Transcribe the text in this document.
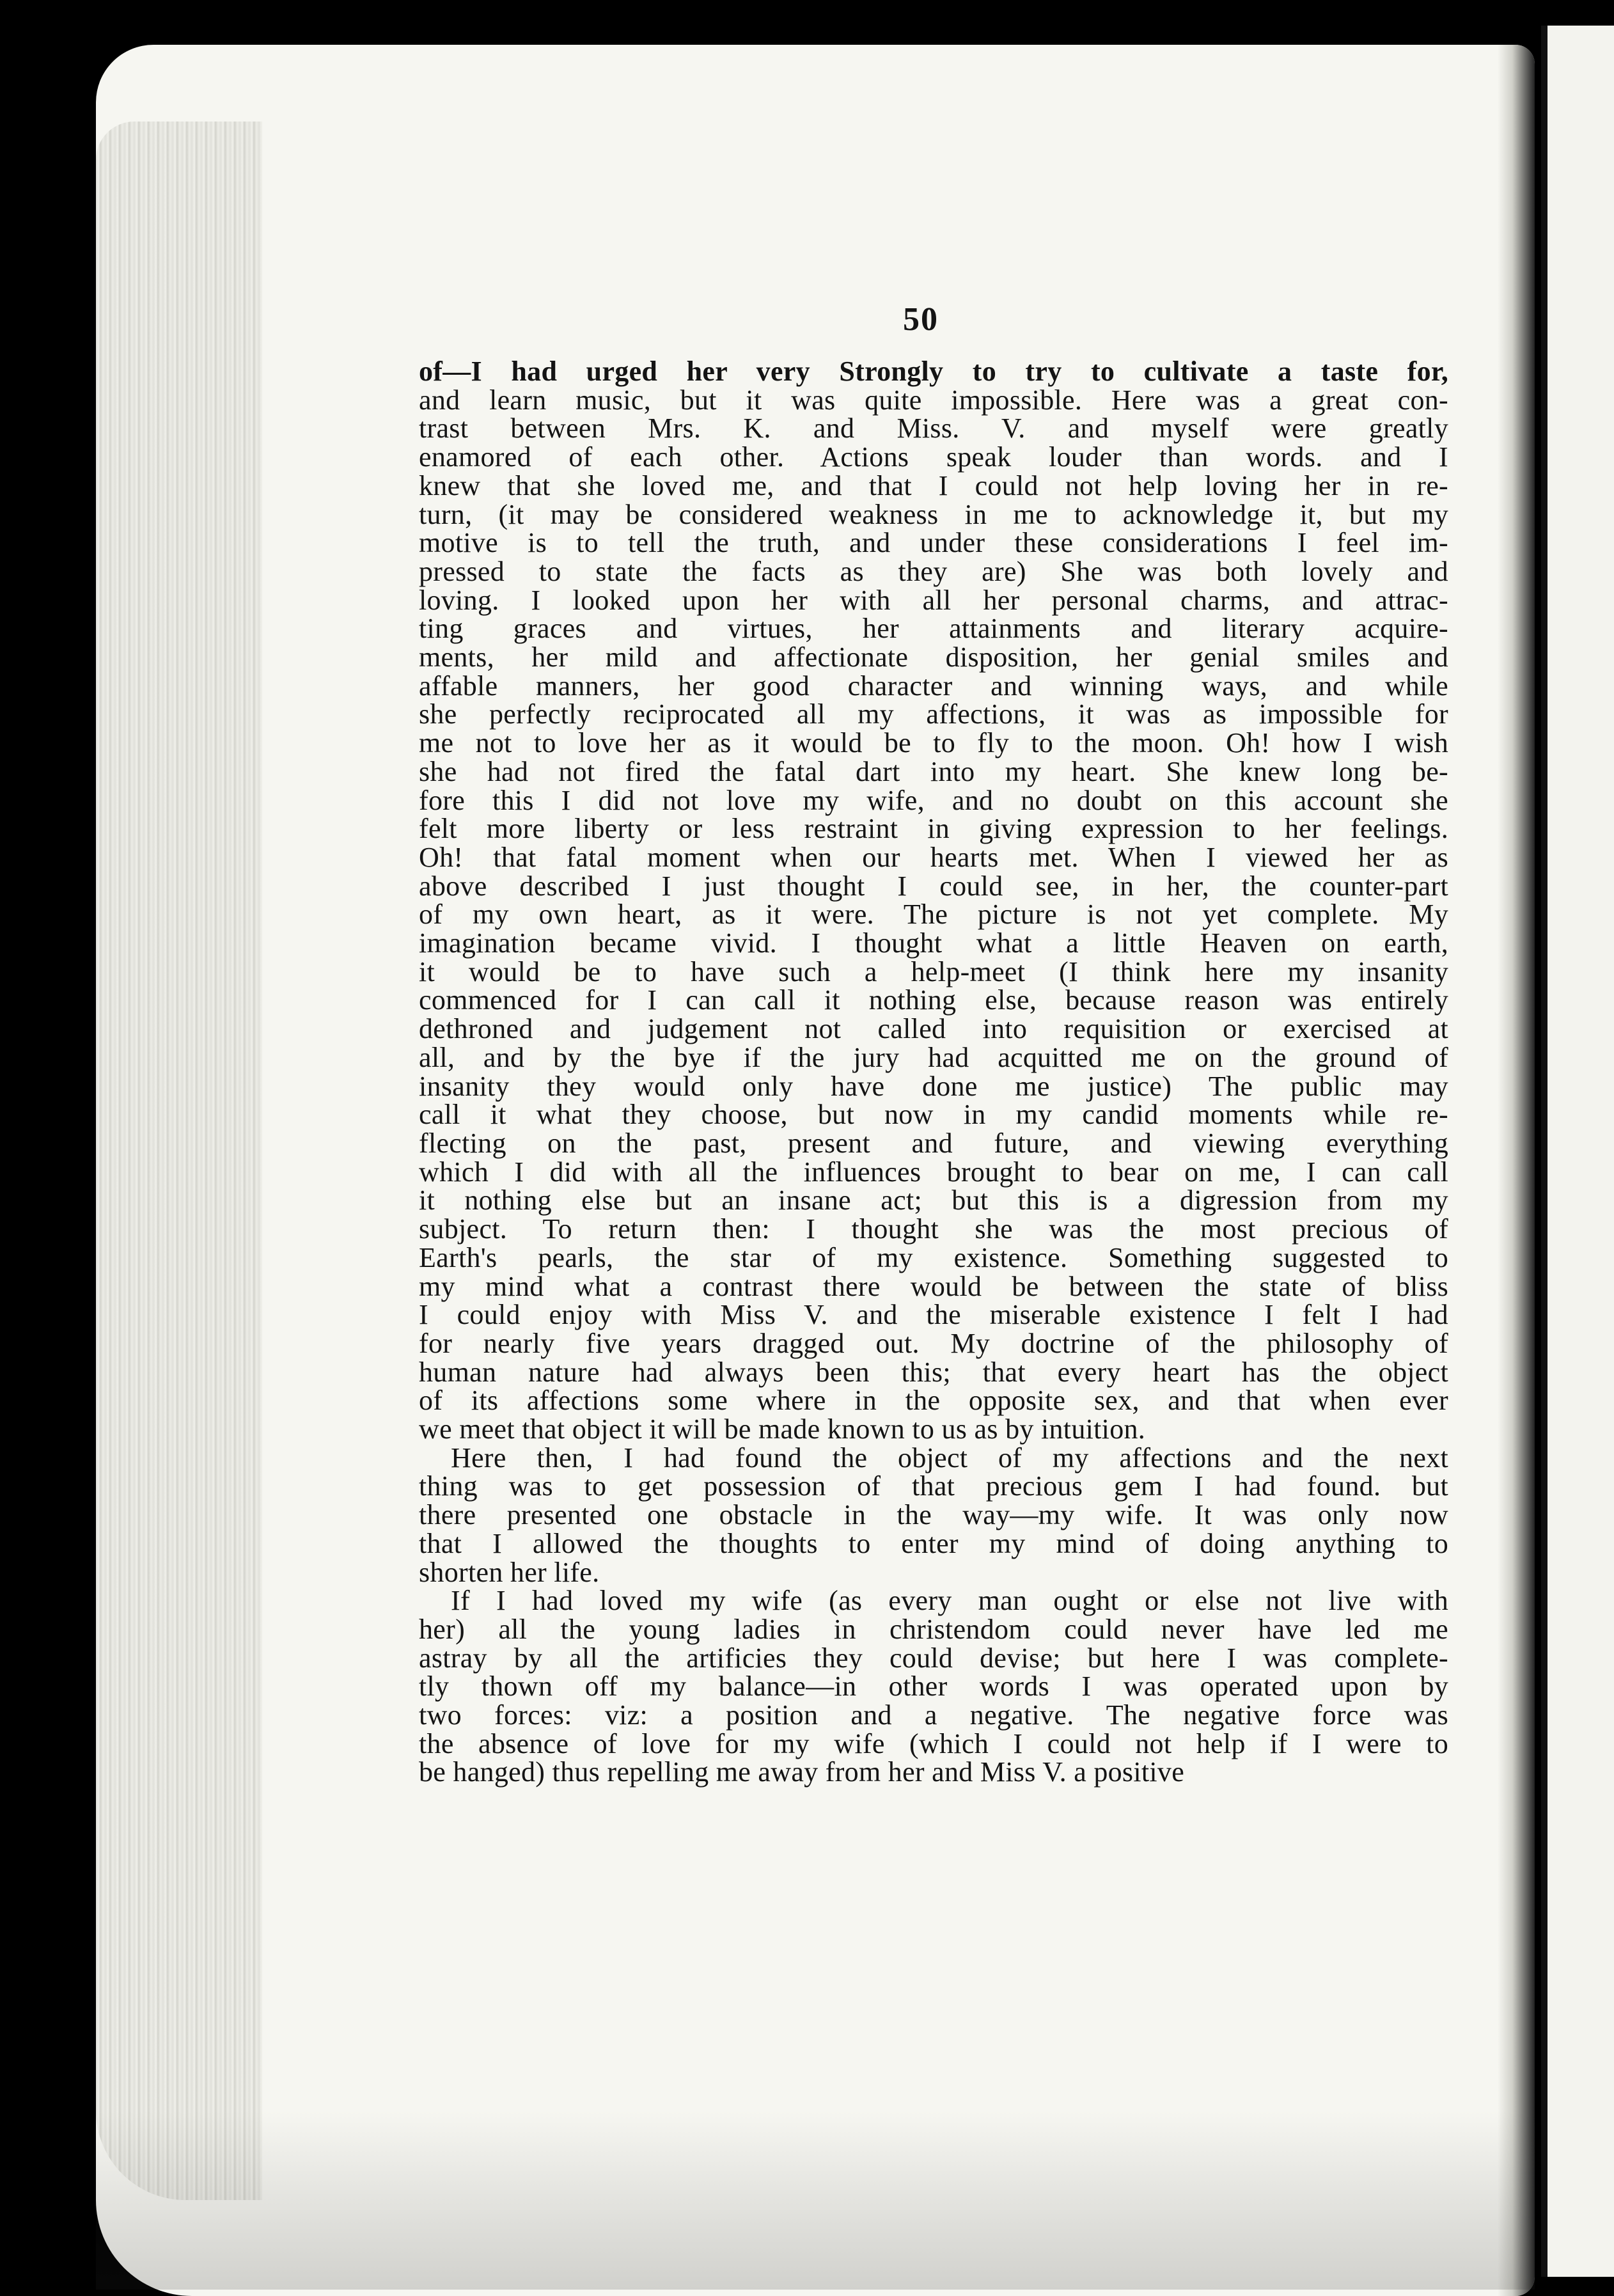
50
of—I had urged her very Strongly to try to cultivate a taste for,
and learn music, but it was quite impossible. Here was a great con-
trast between Mrs. K. and Miss. V. and myself were greatly
enamored of each other. Actions speak louder than words. and I
knew that she loved me, and that I could not help loving her in re-
turn, (it may be considered weakness in me to acknowledge it, but my
motive is to tell the truth, and under these considerations I feel im-
pressed to state the facts as they are) She was both lovely and
loving. I looked upon her with all her personal charms, and attrac-
ting graces and virtues, her attainments and literary acquire-
ments, her mild and affectionate disposition, her genial smiles and
affable manners, her good character and winning ways, and while
she perfectly reciprocated all my affections, it was as impossible for
me not to love her as it would be to fly to the moon. Oh! how I wish
she had not fired the fatal dart into my heart. She knew long be-
fore this I did not love my wife, and no doubt on this account she
felt more liberty or less restraint in giving expression to her feelings.
Oh! that fatal moment when our hearts met. When I viewed her as
above described I just thought I could see, in her, the counter-part
of my own heart, as it were. The picture is not yet complete. My
imagination became vivid. I thought what a little Heaven on earth,
it would be to have such a help-meet (I think here my insanity
commenced for I can call it nothing else, because reason was entirely
dethroned and judgement not called into requisition or exercised at
all, and by the bye if the jury had acquitted me on the ground of
insanity they would only have done me justice) The public may
call it what they choose, but now in my candid moments while re-
flecting on the past, present and future, and viewing everything
which I did with all the influences brought to bear on me, I can call
it nothing else but an insane act; but this is a digression from my
subject. To return then: I thought she was the most precious of
Earth's pearls, the star of my existence. Something suggested to
my mind what a contrast there would be between the state of bliss
I could enjoy with Miss V. and the miserable existence I felt I had
for nearly five years dragged out. My doctrine of the philosophy of
human nature had always been this; that every heart has the object
of its affections some where in the opposite sex, and that when ever
we meet that object it will be made known to us as by intuition.
Here then, I had found the object of my affections and the next
thing was to get possession of that precious gem I had found. but
there presented one obstacle in the way—my wife. It was only now
that I allowed the thoughts to enter my mind of doing anything to
shorten her life.
If I had loved my wife (as every man ought or else not live with
her) all the young ladies in christendom could never have led me
astray by all the artificies they could devise; but here I was complete-
tly thown off my balance—in other words I was operated upon by
two forces: viz: a position and a negative. The negative force was
the absence of love for my wife (which I could not help if I were to
be hanged) thus repelling me away from her and Miss V. a positive
